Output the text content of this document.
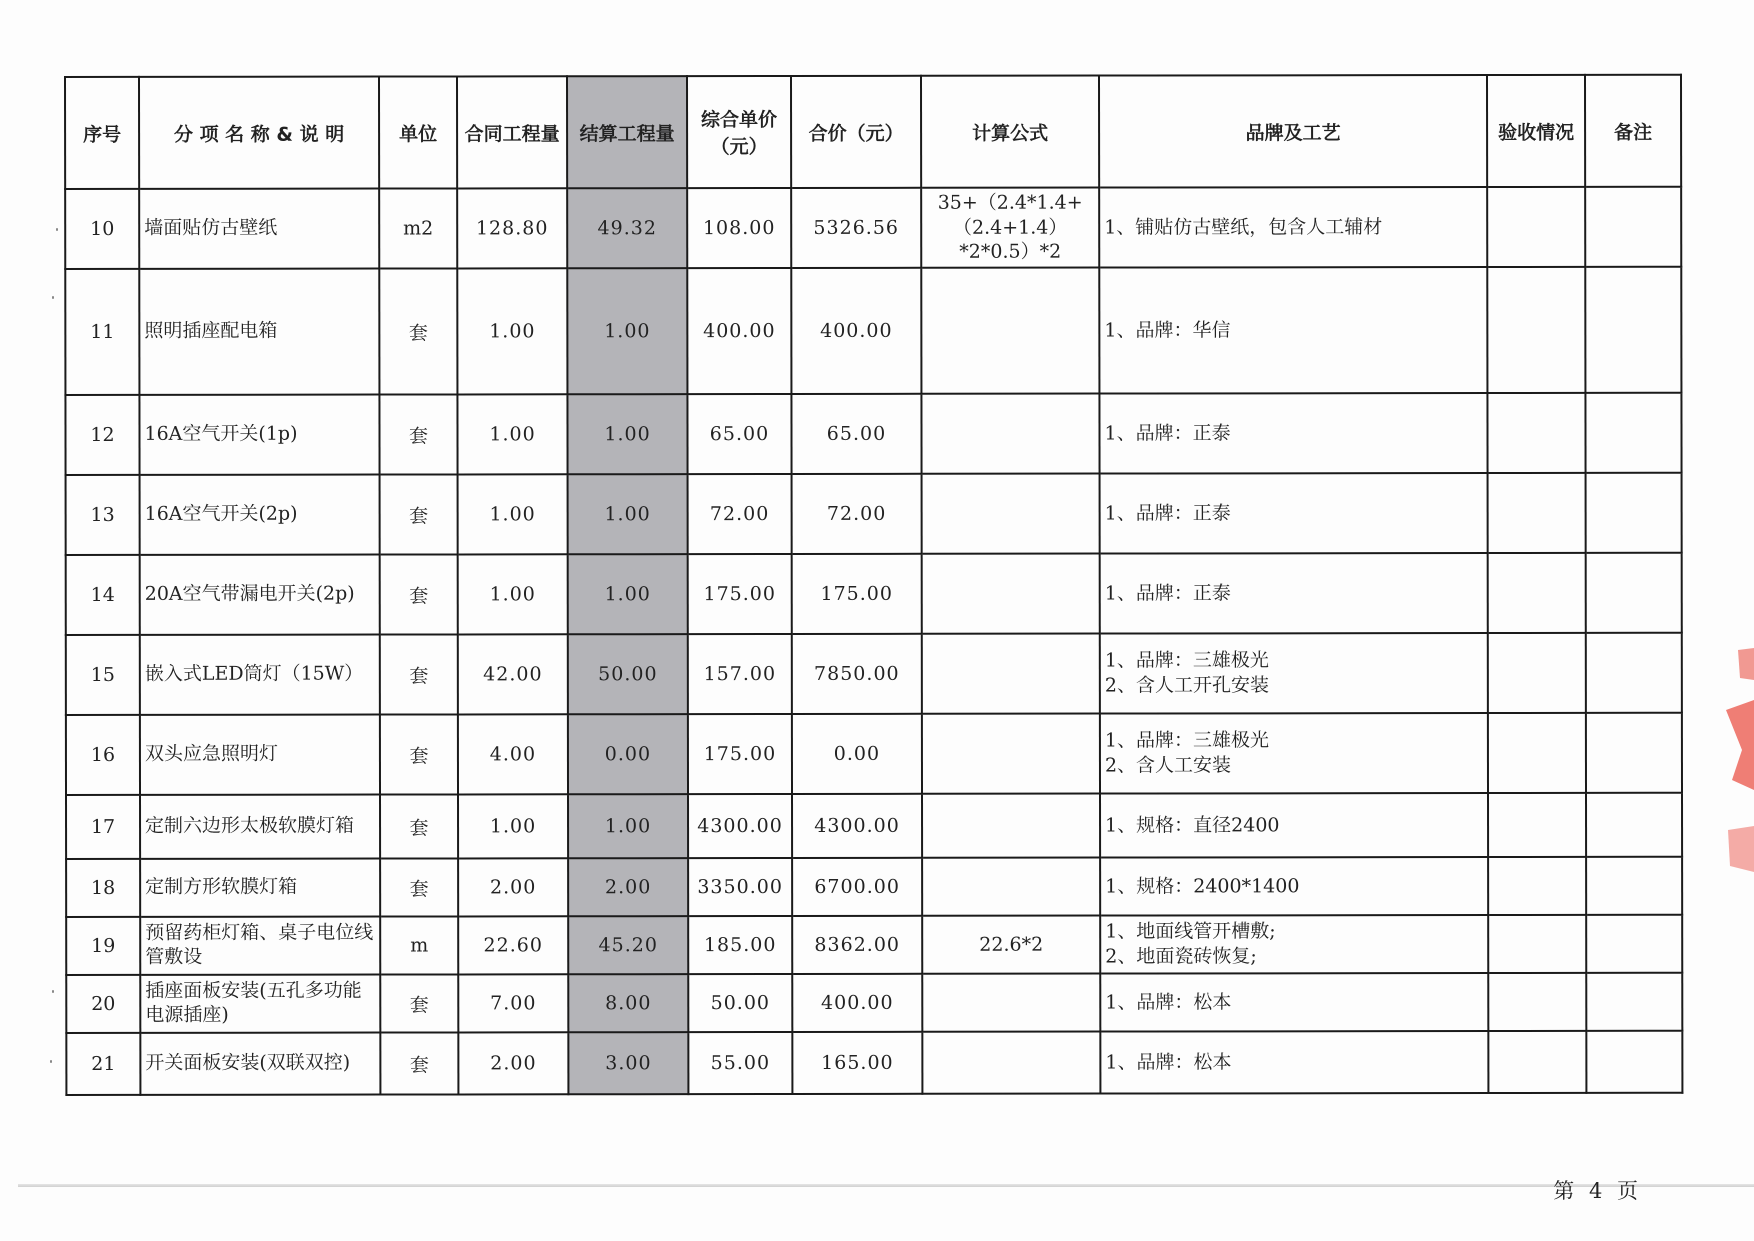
序号	分 项 名 称 & 说 明	单位	合同工程量	结算工程量	综合单价（元）	合价（元）	计算公式	品牌及工艺	验收情况	备注
10	墙面贴仿古壁纸	m2	128.80	49.32	108.00	5326.56	35+（2.4*1.4+
（2.4+1.4）
*2*0.5）*2	1、铺贴仿古壁纸，包含人工辅材		

11	照明插座配电箱	套	1.00	1.00	400.00	400.00		1、品牌：华信		

12	16A空气开关(1p)	套	1.00	1.00	65.00	65.00		1、品牌：正泰		

13	16A空气开关(2p)	套	1.00	1.00	72.00	72.00		1、品牌：正泰		

14	20A空气带漏电开关(2p)	套	1.00	1.00	175.00	175.00		1、品牌：正泰		

15	嵌入式LED筒灯（15W）	套	42.00	50.00	157.00	7850.00		1、品牌：三雄极光
2、含人工开孔安装		

16	双头应急照明灯	套	4.00	0.00	175.00	0.00		1、品牌：三雄极光
2、含人工安装		

17	定制六边形太极软膜灯箱	套	1.00	1.00	4300.00	4300.00		1、规格：直径2400		

18	定制方形软膜灯箱	套	2.00	2.00	3350.00	6700.00		1、规格：2400*1400		

19	预留药柜灯箱、桌子电位线管敷设	m	22.60	45.20	185.00	8362.00	22.6*2	1、地面线管开槽敷;
2、地面瓷砖恢复;		

20	插座面板安装(五孔多功能电源插座)	套	7.00	8.00	50.00	400.00		1、品牌：松本		

21	开关面板安装(双联双控)	套	2.00	3.00	55.00	165.00		1、品牌：松本		

第 4 页
